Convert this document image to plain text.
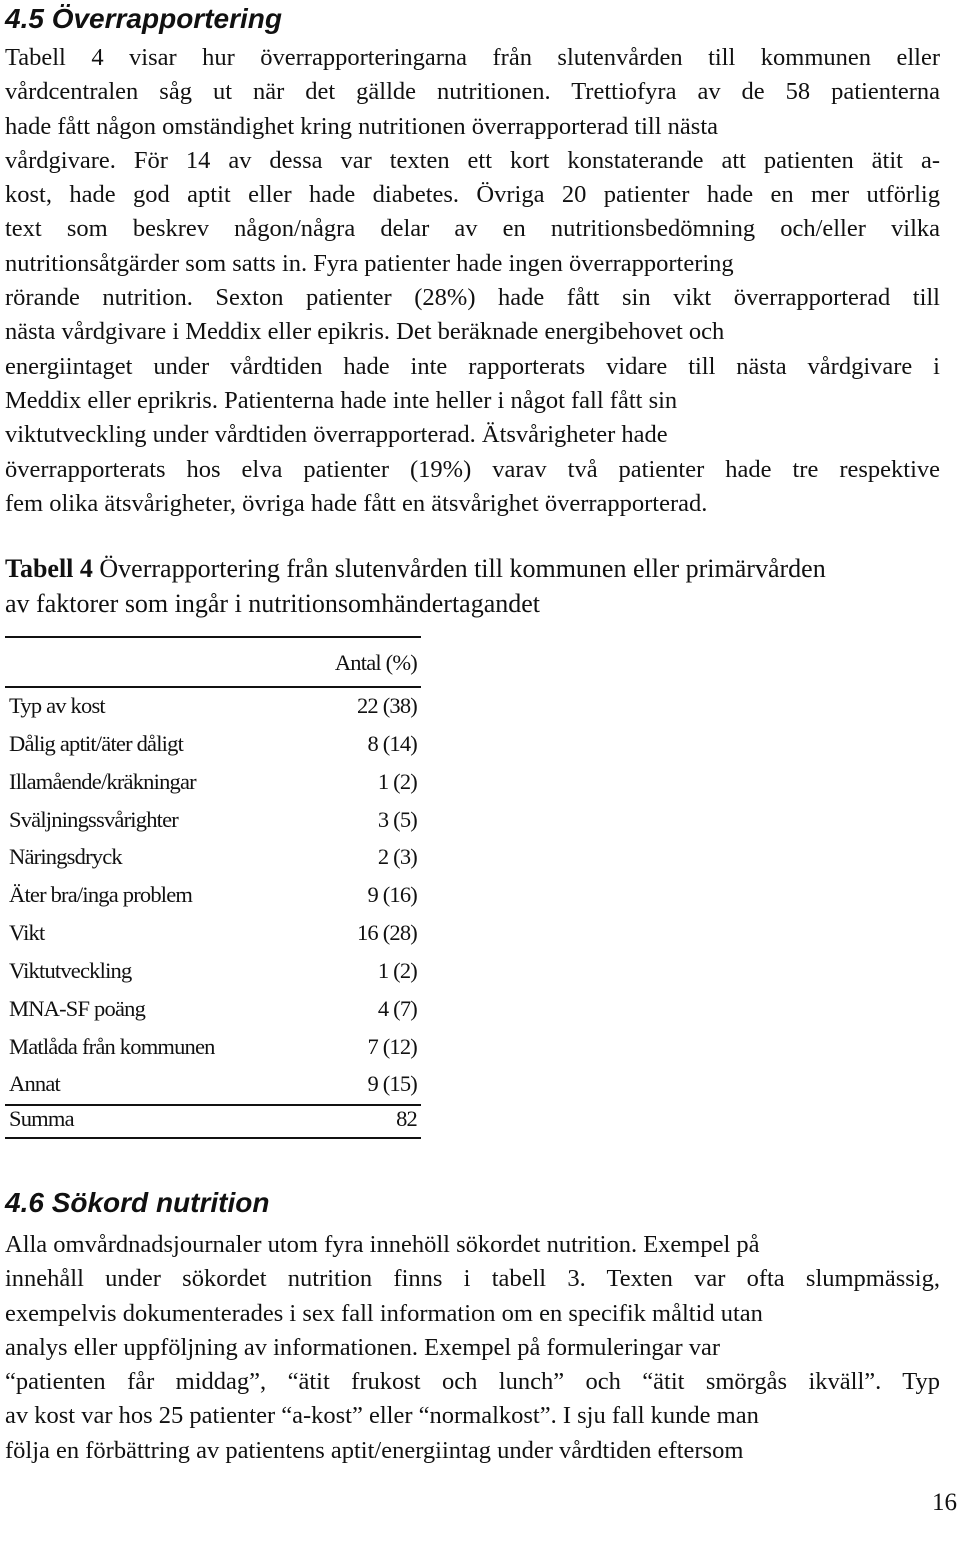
4.5 Överrapportering
Tabell 4 visar hur överrapporteringarna från slutenvården till kommunen eller
vårdcentralen såg ut när det gällde nutritionen. Trettiofyra av de 58 patienterna
hade fått någon omständighet kring nutritionen överrapporterad till nästa
vårdgivare. För 14 av dessa var texten ett kort konstaterande att patienten ätit a-
kost, hade god aptit eller hade diabetes. Övriga 20 patienter hade en mer utförlig
text som beskrev någon/några delar av en nutritionsbedömning och/eller vilka
nutritionsåtgärder som satts in. Fyra patienter hade ingen överrapportering
rörande nutrition. Sexton patienter (28%) hade fått sin vikt överrapporterad till
nästa vårdgivare i Meddix eller epikris. Det beräknade energibehovet och
energiintaget under vårdtiden hade inte rapporterats vidare till nästa vårdgivare i
Meddix eller eprikris. Patienterna hade inte heller i något fall fått sin
viktutveckling under vårdtiden överrapporterad. Ätsvårigheter hade
överrapporterats hos elva patienter (19%) varav två patienter hade tre respektive
fem olika ätsvårigheter, övriga hade fått en ätsvårighet överrapporterad.
Tabell 4 Överrapportering från slutenvården till kommunen eller primärvården
av faktorer som ingår i nutritionsomhändertagandet
Antal (%)
Typ av kost	22 (38)
Dålig aptit/äter dåligt	8 (14)
Illamående/kräkningar	1 (2)
Sväljningssvårighter	3 (5)
Näringsdryck	2 (3)
Äter bra/inga problem	9 (16)
Vikt	16 (28)
Viktutveckling	1 (2)
MNA-SF poäng	4 (7)
Matlåda från kommunen	7 (12)
Annat	9 (15)
Summa	82
4.6 Sökord nutrition
Alla omvårdnadsjournaler utom fyra innehöll sökordet nutrition. Exempel på
innehåll under sökordet nutrition finns i tabell 3. Texten var ofta slumpmässig,
exempelvis dokumenterades i sex fall information om en specifik måltid utan
analys eller uppföljning av informationen. Exempel på formuleringar var
“patienten får middag”, “ätit frukost och lunch” och “ätit smörgås ikväll”. Typ
av kost var hos 25 patienter “a-kost” eller “normalkost”. I sju fall kunde man
följa en förbättring av patientens aptit/energiintag under vårdtiden eftersom
16
